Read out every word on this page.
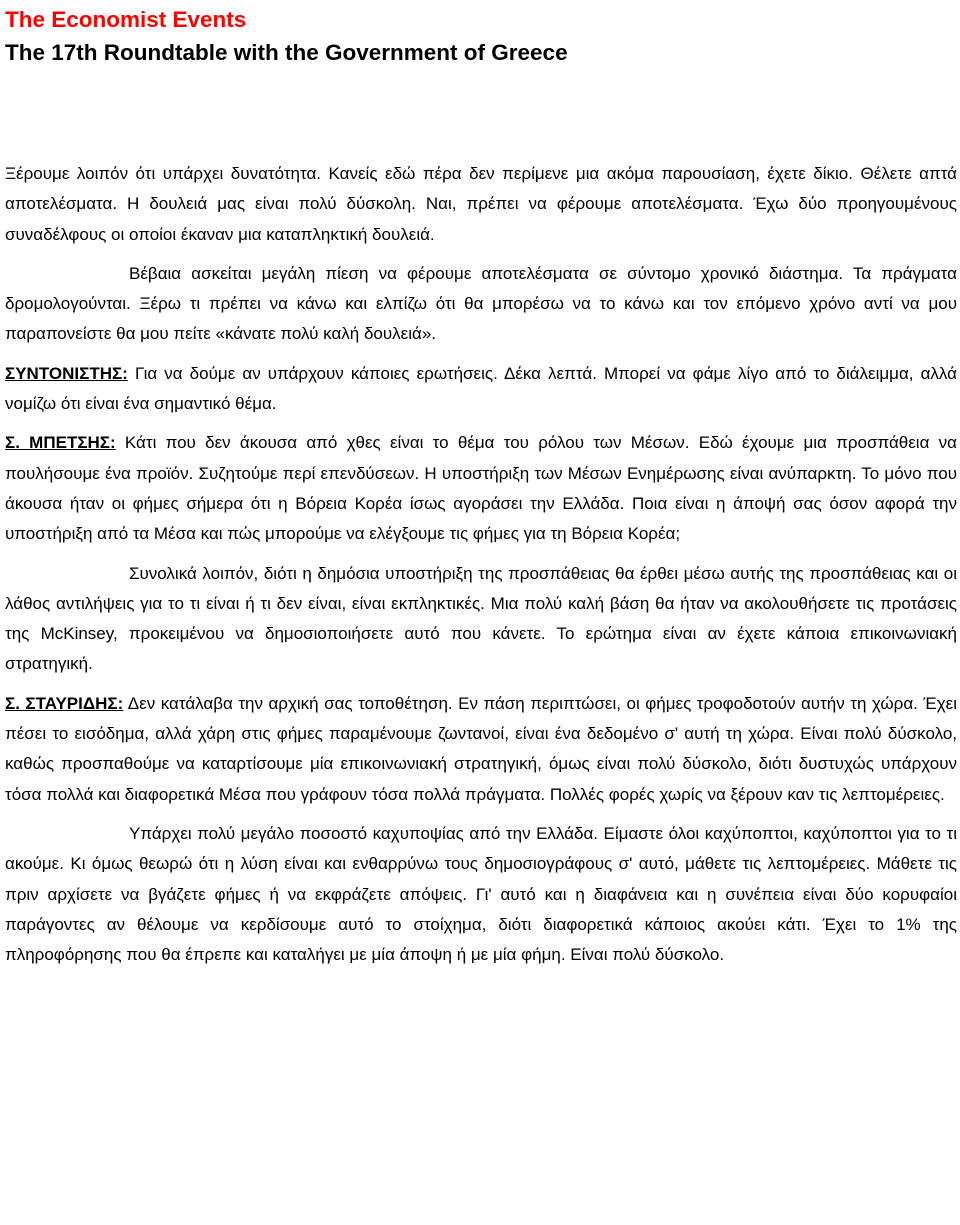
The Economist Events
The 17th Roundtable with the Government of Greece

Ξέρουμε λοιπόν ότι υπάρχει δυνατότητα. Κανείς εδώ πέρα δεν περίμενε μια ακόμα παρουσίαση, έχετε δίκιο. Θέλετε απτά αποτελέσματα. Η δουλειά μας είναι πολύ δύσκολη. Ναι, πρέπει να φέρουμε αποτελέσματα. Έχω δύο προηγουμένους συναδέλφους οι οποίοι έκαναν μια καταπληκτική δουλειά.

Βέβαια ασκείται μεγάλη πίεση να φέρουμε αποτελέσματα σε σύντομο χρονικό διάστημα. Τα πράγματα δρομολογούνται. Ξέρω τι πρέπει να κάνω και ελπίζω ότι θα μπορέσω να το κάνω και τον επόμενο χρόνο αντί να μου παραπονείστε θα μου πείτε «κάνατε πολύ καλή δουλειά».

ΣΥΝΤΟΝΙΣΤΗΣ: Για να δούμε αν υπάρχουν κάποιες ερωτήσεις. Δέκα λεπτά. Μπορεί να φάμε λίγο από το διάλειμμα, αλλά νομίζω ότι είναι ένα σημαντικό θέμα.

Σ. ΜΠΕΤΣΗΣ: Κάτι που δεν άκουσα από χθες είναι το θέμα του ρόλου των Μέσων. Εδώ έχουμε μια προσπάθεια να πουλήσουμε ένα προϊόν. Συζητούμε περί επενδύσεων. Η υποστήριξη των Μέσων Ενημέρωσης είναι ανύπαρκτη. Το μόνο που άκουσα ήταν οι φήμες σήμερα ότι η Βόρεια Κορέα ίσως αγοράσει την Ελλάδα. Ποια είναι η άποψή σας όσον αφορά την υποστήριξη από τα Μέσα και πώς μπορούμε να ελέγξουμε τις φήμες για τη Βόρεια Κορέα;

Συνολικά λοιπόν, διότι η δημόσια υποστήριξη της προσπάθειας θα έρθει μέσω αυτής της προσπάθειας και οι λάθος αντιλήψεις για το τι είναι ή τι δεν είναι, είναι εκπληκτικές. Μια πολύ καλή βάση θα ήταν να ακολουθήσετε τις προτάσεις της McKinsey, προκειμένου να δημοσιοποιήσετε αυτό που κάνετε. Το ερώτημα είναι αν έχετε κάποια επικοινωνιακή στρατηγική.

Σ. ΣΤΑΥΡΙΔΗΣ: Δεν κατάλαβα την αρχική σας τοποθέτηση. Εν πάση περιπτώσει, οι φήμες τροφοδοτούν αυτήν τη χώρα. Έχει πέσει το εισόδημα, αλλά χάρη στις φήμες παραμένουμε ζωντανοί, είναι ένα δεδομένο σ' αυτή τη χώρα. Είναι πολύ δύσκολο, καθώς προσπαθούμε να καταρτίσουμε μία επικοινωνιακή στρατηγική, όμως είναι πολύ δύσκολο, διότι δυστυχώς υπάρχουν τόσα πολλά και διαφορετικά Μέσα που γράφουν τόσα πολλά πράγματα. Πολλές φορές χωρίς να ξέρουν καν τις λεπτομέρειες.

Υπάρχει πολύ μεγάλο ποσοστό καχυποψίας από την Ελλάδα. Είμαστε όλοι καχύποπτοι, καχύποπτοι για το τι ακούμε. Κι όμως θεωρώ ότι η λύση είναι και ενθαρρύνω τους δημοσιογράφους σ' αυτό, μάθετε τις λεπτομέρειες. Μάθετε τις πριν αρχίσετε να βγάζετε φήμες ή να εκφράζετε απόψεις. Γι' αυτό και η διαφάνεια και η συνέπεια είναι δύο κορυφαίοι παράγοντες αν θέλουμε να κερδίσουμε αυτό το στοίχημα, διότι διαφορετικά κάποιος ακούει κάτι. Έχει το 1% της πληροφόρησης που θα έπρεπε και καταλήγει με μία άποψη ή με μία φήμη. Είναι πολύ δύσκολο.
